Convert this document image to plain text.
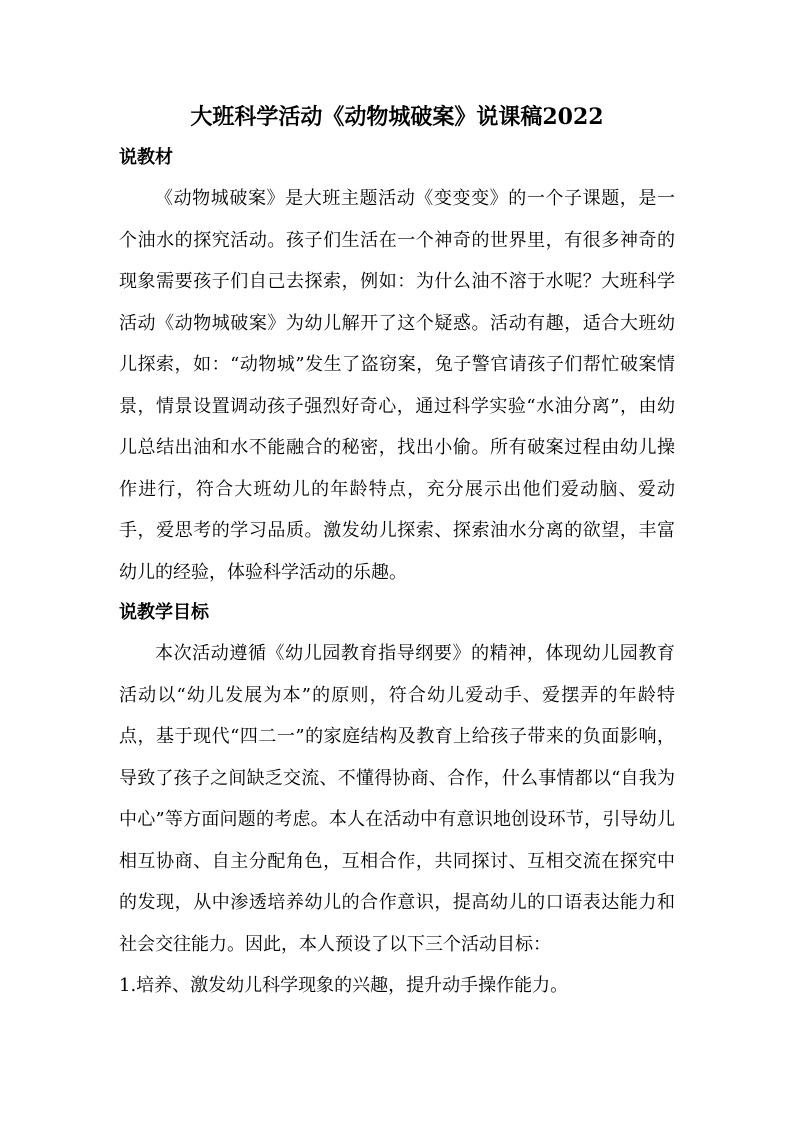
大班科学活动《动物城破案》说课稿2022
说教材

《动物城破案》是大班主题活动《变变变》的一个子课题，是一个油水的探究活动。孩子们生活在一个神奇的世界里，有很多神奇的现象需要孩子们自己去探索，例如：为什么油不溶于水呢？大班科学活动《动物城破案》为幼儿解开了这个疑惑。活动有趣，适合大班幼儿探索，如：“动物城”发生了盗窃案，兔子警官请孩子们帮忙破案情景，情景设置调动孩子强烈好奇心，通过科学实验“水油分离”，由幼儿总结出油和水不能融合的秘密，找出小偷。所有破案过程由幼儿操作进行，符合大班幼儿的年龄特点，充分展示出他们爱动脑、爱动手，爱思考的学习品质。激发幼儿探索、探索油水分离的欲望，丰富幼儿的经验，体验科学活动的乐趣。

说教学目标

本次活动遵循《幼儿园教育指导纲要》的精神，体现幼儿园教育活动以“幼儿发展为本”的原则，符合幼儿爱动手、爱摆弄的年龄特点，基于现代“四二一”的家庭结构及教育上给孩子带来的负面影响，导致了孩子之间缺乏交流、不懂得协商、合作，什么事情都以“自我为中心”等方面问题的考虑。本人在活动中有意识地创设环节，引导幼儿相互协商、自主分配角色，互相合作，共同探讨、互相交流在探究中的发现，从中渗透培养幼儿的合作意识，提高幼儿的口语表达能力和社会交往能力。因此，本人预设了以下三个活动目标：

1.培养、激发幼儿科学现象的兴趣，提升动手操作能力。
